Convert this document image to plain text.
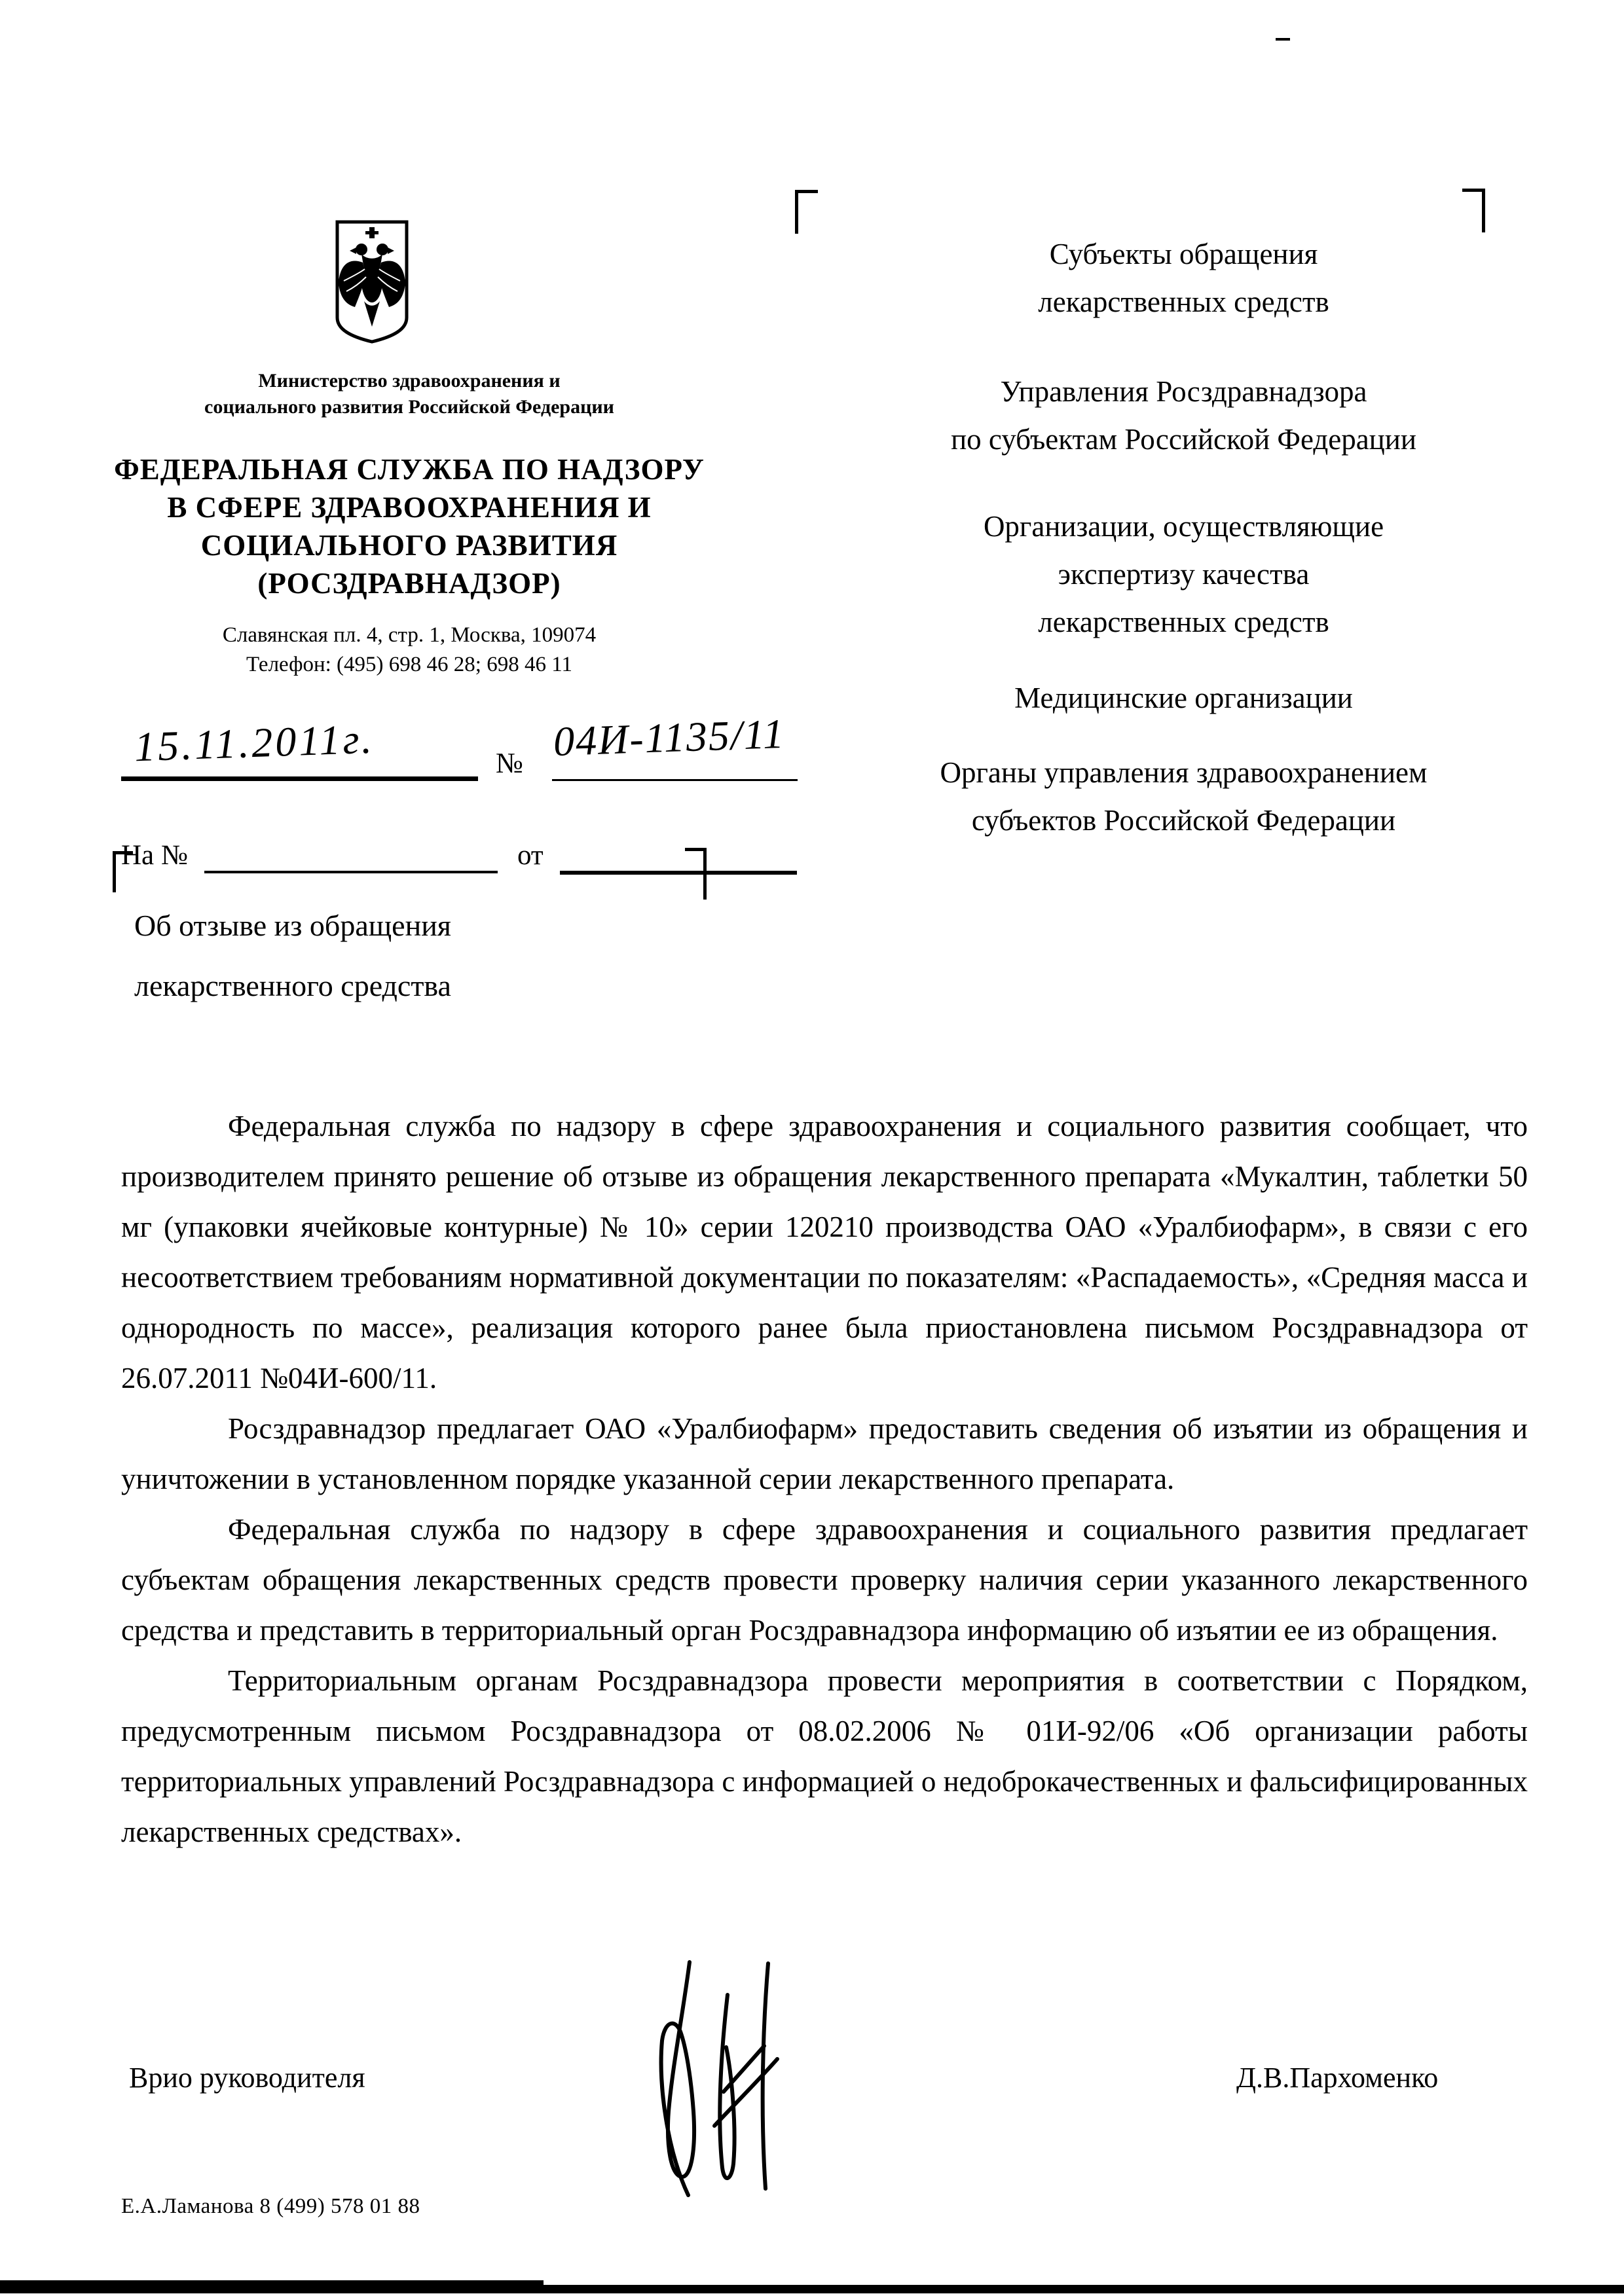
Министерство здравоохранения и
социального развития Российской Федерации
ФЕДЕРАЛЬНАЯ СЛУЖБА ПО НАДЗОРУ
В СФЕРЕ ЗДРАВООХРАНЕНИЯ И
СОЦИАЛЬНОГО РАЗВИТИЯ
(РОСЗДРАВНАДЗОР)
Славянская пл. 4, стр. 1, Москва, 109074
Телефон: (495) 698 46 28; 698 46 11
15.11.2011г.	№ 04И-1135/11
На №	от
Об отзыве из обращения
лекарственного средства
Субъекты обращения
лекарственных средств
Управления Росздравнадзора
по субъектам Российской Федерации
Организации, осуществляющие
экспертизу качества
лекарственных средств
Медицинские организации
Органы управления здравоохранением
субъектов Российской Федерации

Федеральная служба по надзору в сфере здравоохранения и социального развития сообщает, что производителем принято решение об отзыве из обращения лекарственного препарата «Мукалтин, таблетки 50 мг (упаковки ячейковые контурные) № 10» серии 120210 производства ОАО «Уралбиофарм», в связи с его несоответствием требованиям нормативной документации по показателям: «Распадаемость», «Средняя масса и однородность по массе», реализация которого ранее была приостановлена письмом Росздравнадзора от 26.07.2011 №04И-600/11.

Росздравнадзор предлагает ОАО «Уралбиофарм» предоставить сведения об изъятии из обращения и уничтожении в установленном порядке указанной серии лекарственного препарата.

Федеральная служба по надзору в сфере здравоохранения и социального развития предлагает субъектам обращения лекарственных средств провести проверку наличия серии указанного лекарственного средства и представить в территориальный орган Росздравнадзора информацию об изъятии ее из обращения.

Территориальным органам Росздравнадзора провести мероприятия в соответствии с Порядком, предусмотренным письмом Росздравнадзора от 08.02.2006 № 01И-92/06 «Об организации работы территориальных управлений Росздравнадзора с информацией о недоброкачественных и фальсифицированных лекарственных средствах».

Врио руководителя	Д.В.Пархоменко
Е.А.Ламанова 8 (499) 578 01 88
